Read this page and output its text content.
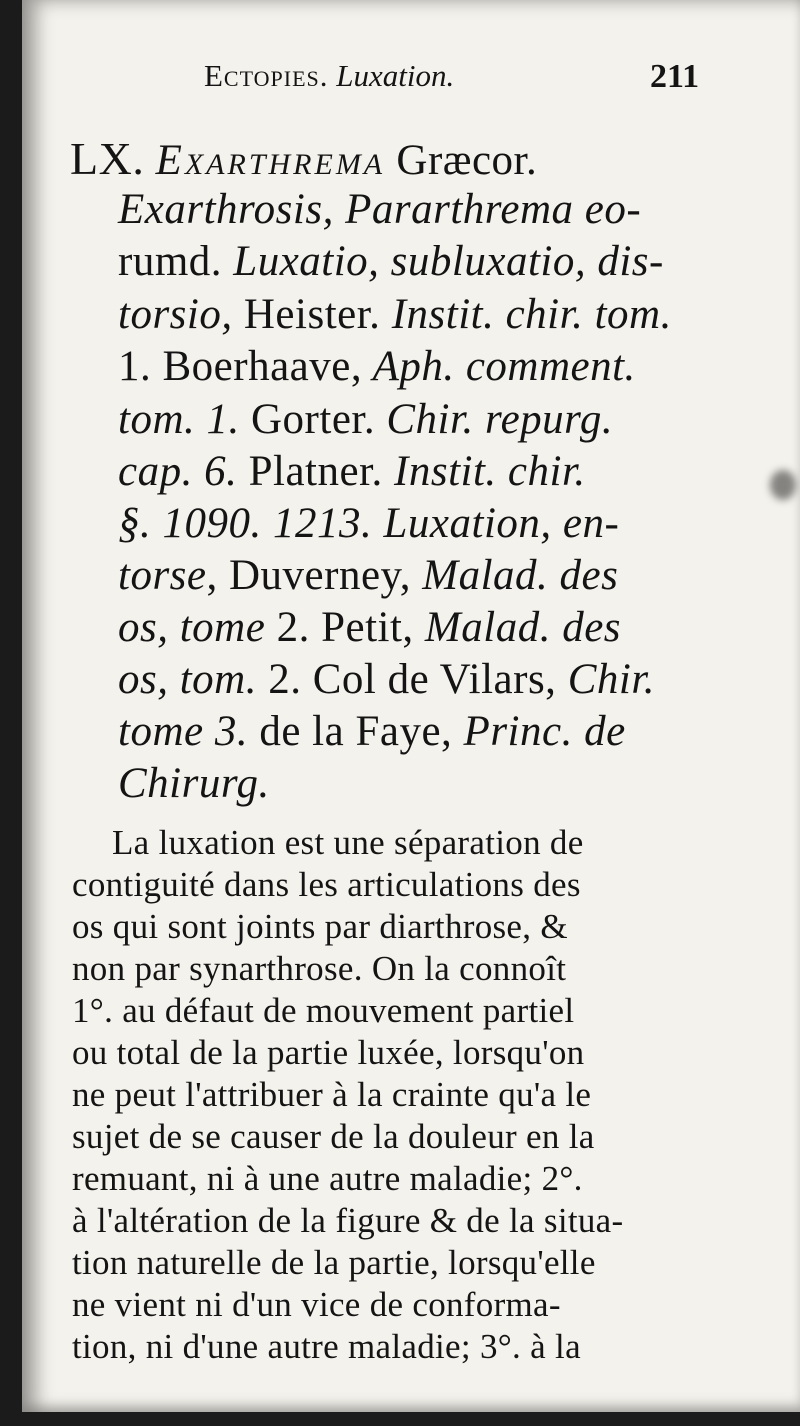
Ectopies. Luxation.	211
LX. Exarthrema Græcor.
Exarthrosis, Pararthrema eo-
rumd. Luxatio, subluxatio, dis-
torsio, Heister. Instit. chir. tom.
1. Boerhaave, Aph. comment.
tom. 1. Gorter. Chir. repurg.
cap. 6. Platner. Instit. chir.
§. 1090. 1213. Luxation, en-
torse, Duverney, Malad. des
os, tome 2. Petit, Malad. des
os, tom. 2. Col de Vilars, Chir.
tome 3. de la Faye, Princ. de
Chirurg.
La luxation est une séparation de
contiguité dans les articulations des
os qui sont joints par diarthrose, &
non par synarthrose. On la connoît
1°. au défaut de mouvement partiel
ou total de la partie luxée, lorsqu'on
ne peut l'attribuer à la crainte qu'a le
sujet de se causer de la douleur en la
remuant, ni à une autre maladie; 2°.
à l'altération de la figure & de la situa-
tion naturelle de la partie, lorsqu'elle
ne vient ni d'un vice de conforma-
tion, ni d'une autre maladie; 3°. à la
